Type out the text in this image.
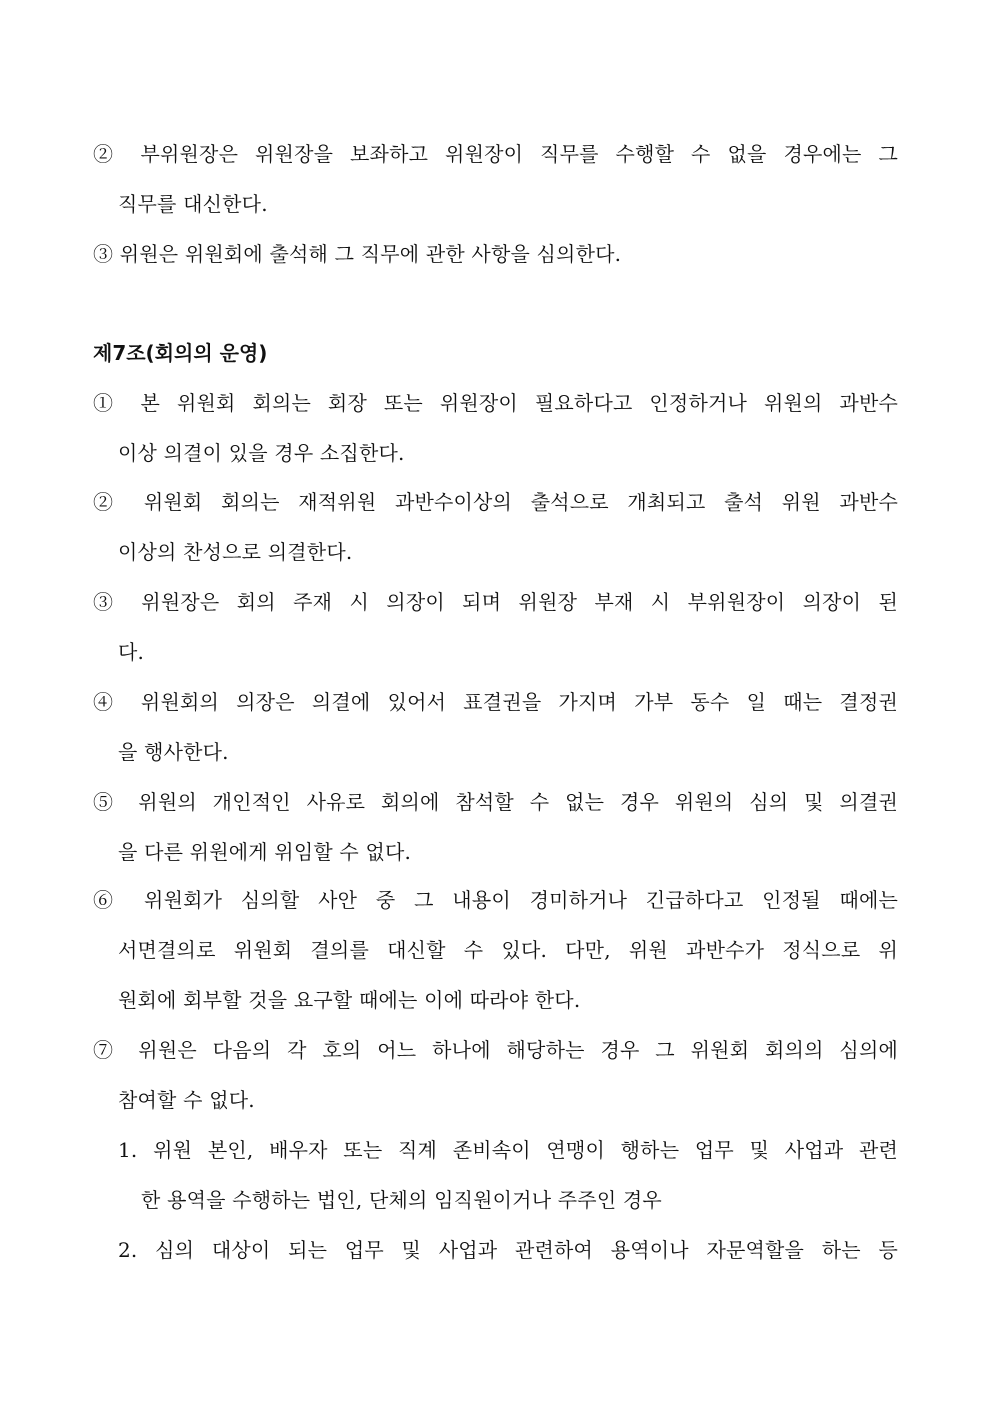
② 부위원장은 위원장을 보좌하고 위원장이 직무를 수행할 수 없을 경우에는 그
직무를 대신한다.
③ 위원은 위원회에 출석해 그 직무에 관한 사항을 심의한다.
제7조(회의의 운영)
① 본 위원회 회의는 회장 또는 위원장이 필요하다고 인정하거나 위원의 과반수
이상 의결이 있을 경우 소집한다.
② 위원회 회의는 재적위원 과반수이상의 출석으로 개최되고 출석 위원 과반수
이상의 찬성으로 의결한다.
③ 위원장은 회의 주재 시 의장이 되며 위원장 부재 시 부위원장이 의장이 된
다.
④ 위원회의 의장은 의결에 있어서 표결권을 가지며 가부 동수 일 때는 결정권
을 행사한다.
⑤ 위원의 개인적인 사유로 회의에 참석할 수 없는 경우 위원의 심의 및 의결권
을 다른 위원에게 위임할 수 없다.
⑥ 위원회가 심의할 사안 중 그 내용이 경미하거나 긴급하다고 인정될 때에는
서면결의로 위원회 결의를 대신할 수 있다. 다만, 위원 과반수가 정식으로 위
원회에 회부할 것을 요구할 때에는 이에 따라야 한다.
⑦ 위원은 다음의 각 호의 어느 하나에 해당하는 경우 그 위원회 회의의 심의에
참여할 수 없다.
1. 위원 본인, 배우자 또는 직계 존비속이 연맹이 행하는 업무 및 사업과 관련
한 용역을 수행하는 법인, 단체의 임직원이거나 주주인 경우
2. 심의 대상이 되는 업무 및 사업과 관련하여 용역이나 자문역할을 하는 등
